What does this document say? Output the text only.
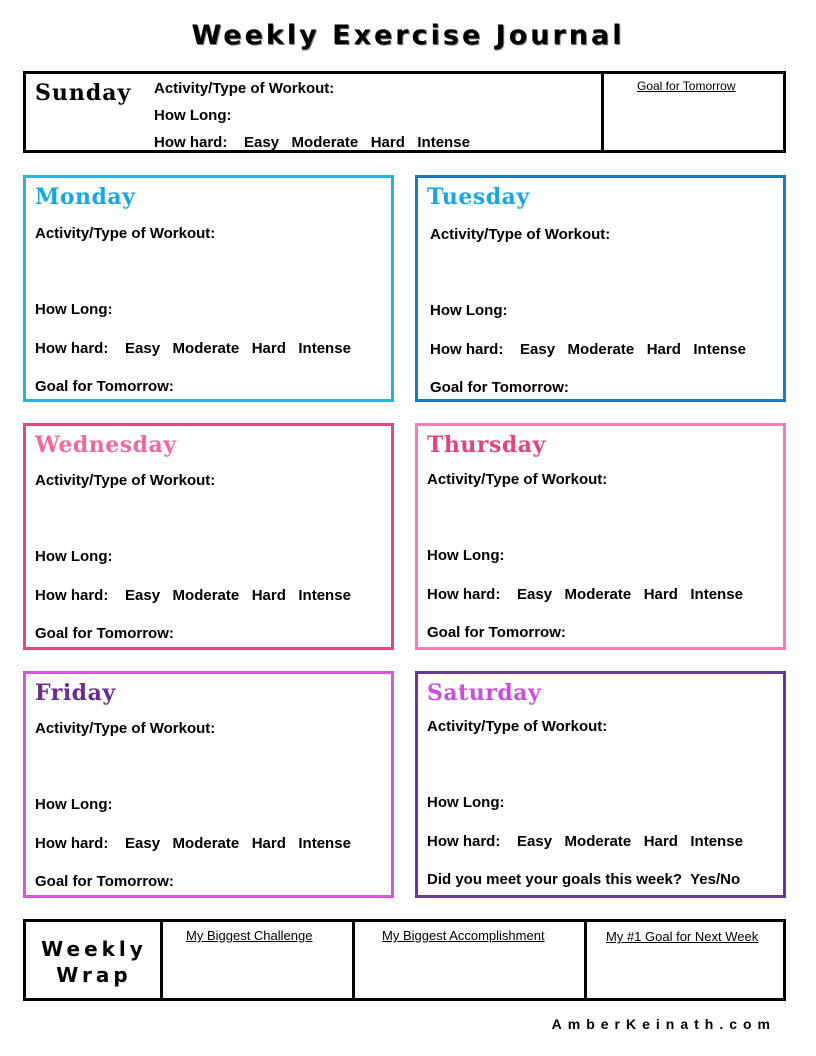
Weekly Exercise Journal
Sunday Activity/Type of Workout:
How Long:
How hard:    Easy   Moderate   Hard   Intense
Goal for Tomorrow
Monday
Activity/Type of Workout:
How Long:
How hard:    Easy   Moderate   Hard   Intense
Goal for Tomorrow:
Tuesday
Activity/Type of Workout:
How Long:
How hard:    Easy   Moderate   Hard   Intense
Goal for Tomorrow:
Wednesday
Activity/Type of Workout:
How Long:
How hard:    Easy   Moderate   Hard   Intense
Goal for Tomorrow:
Thursday
Activity/Type of Workout:
How Long:
How hard:    Easy   Moderate   Hard   Intense
Goal for Tomorrow:
Friday
Activity/Type of Workout:
How Long:
How hard:    Easy   Moderate   Hard   Intense
Goal for Tomorrow:
Saturday
Activity/Type of Workout:
How Long:
How hard:    Easy   Moderate   Hard   Intense
Did you meet your goals this week?  Yes/No
Weekly
Wrap
My Biggest Challenge	My Biggest Accomplishment	My #1 Goal for Next Week
AmberKeinath.com
